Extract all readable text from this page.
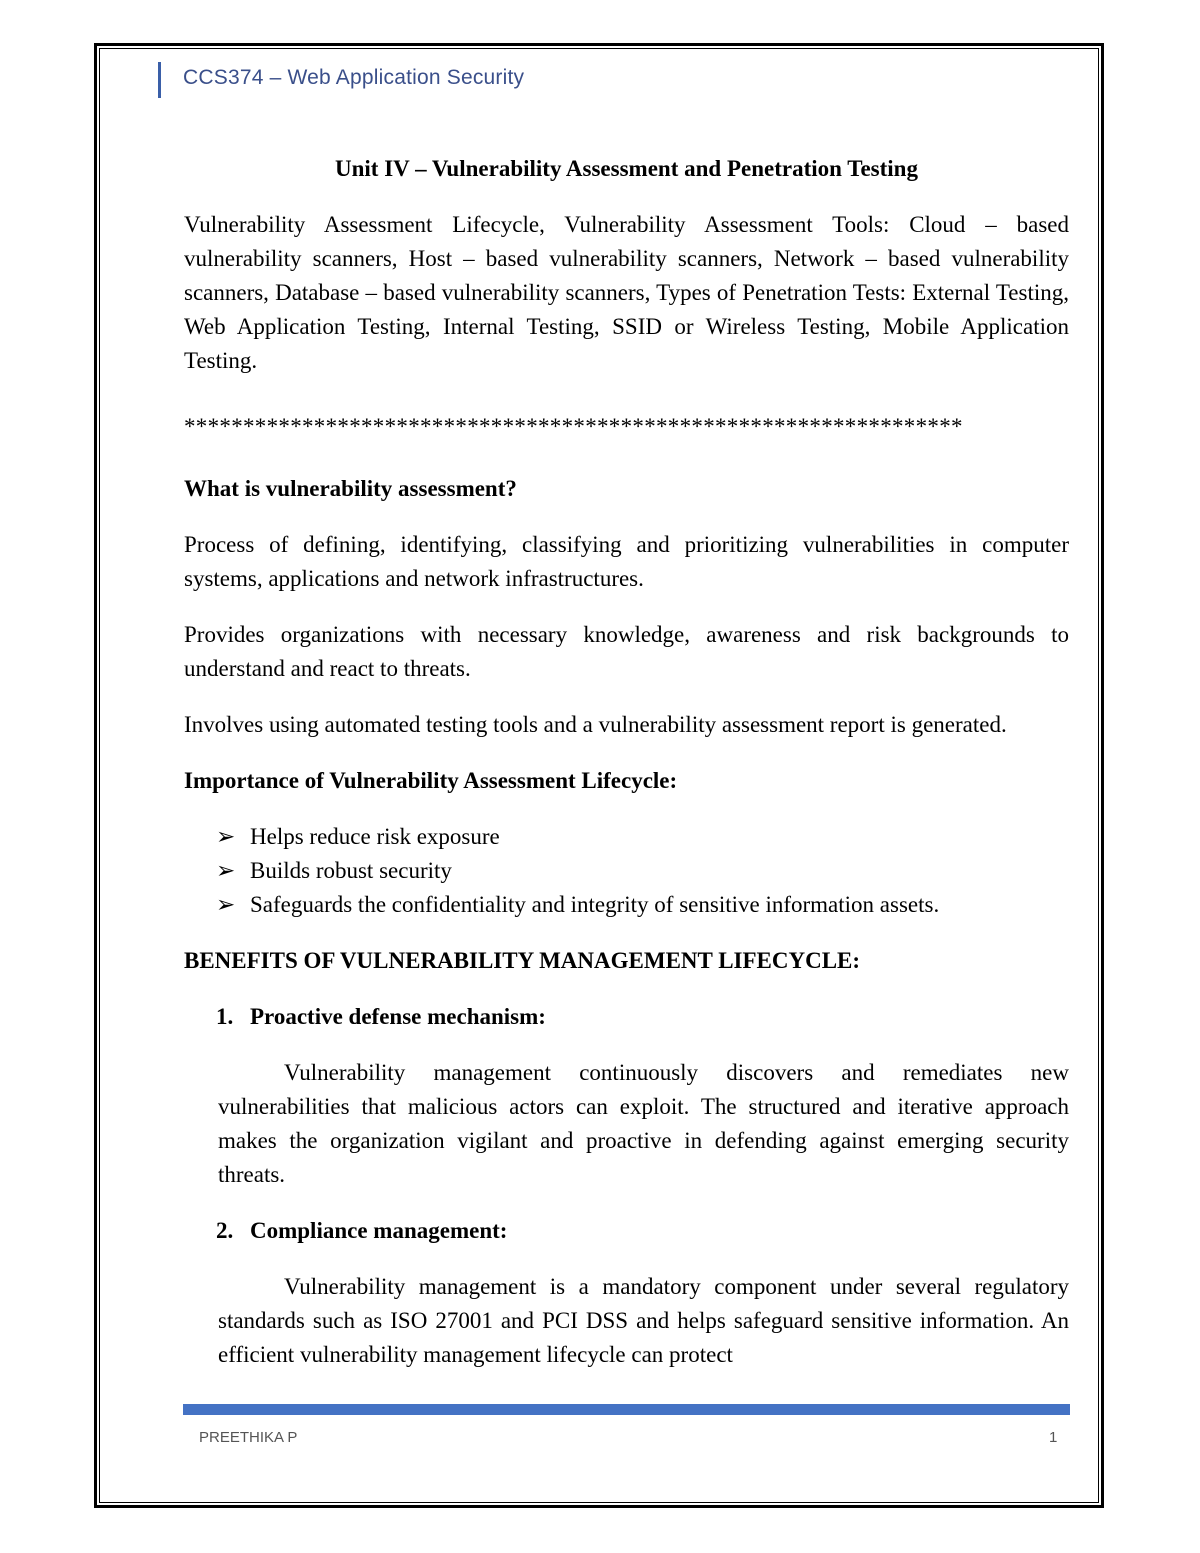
CCS374 – Web Application Security

Unit IV – Vulnerability Assessment and Penetration Testing

Vulnerability Assessment Lifecycle, Vulnerability Assessment Tools: Cloud – based vulnerability scanners, Host – based vulnerability scanners, Network – based vulnerability scanners, Database – based vulnerability scanners, Types of Penetration Tests: External Testing, Web Application Testing, Internal Testing, SSID or Wireless Testing, Mobile Application Testing.

******************************************************************

What is vulnerability assessment?

Process of defining, identifying, classifying and prioritizing vulnerabilities in computer systems, applications and network infrastructures.

Provides organizations with necessary knowledge, awareness and risk backgrounds to understand and react to threats.

Involves using automated testing tools and a vulnerability assessment report is generated.

Importance of Vulnerability Assessment Lifecycle:

➢ Helps reduce risk exposure
➢ Builds robust security
➢ Safeguards the confidentiality and integrity of sensitive information assets.

BENEFITS OF VULNERABILITY MANAGEMENT LIFECYCLE:

1. Proactive defense mechanism:

Vulnerability management continuously discovers and remediates new vulnerabilities that malicious actors can exploit. The structured and iterative approach makes the organization vigilant and proactive in defending against emerging security threats.

2. Compliance management:

Vulnerability management is a mandatory component under several regulatory standards such as ISO 27001 and PCI DSS and helps safeguard sensitive information. An efficient vulnerability management lifecycle can protect

PREETHIKA P	1
